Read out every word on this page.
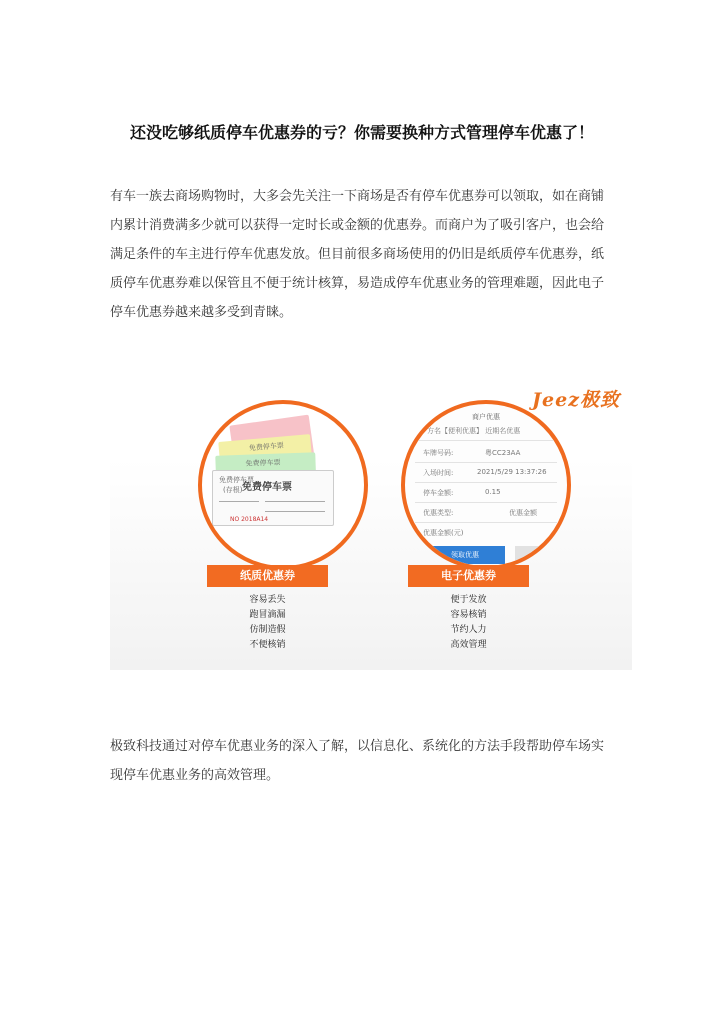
还没吃够纸质停车优惠券的亏？你需要换种方式管理停车优惠了！
有车一族去商场购物时，大多会先关注一下商场是否有停车优惠券可以领取，如在商铺内累计消费满多少就可以获得一定时长或金额的优惠券。而商户为了吸引客户，也会给满足条件的车主进行停车优惠发放。但目前很多商场使用的仍旧是纸质停车优惠券，纸质停车优惠券难以保管且不便于统计核算，易造成停车优惠业务的管理难题，因此电子停车优惠券越来越多受到青睐。
Jeez极致
免费停车票
免费停车票
免费停车票
(存根) 免费停车票
NO 2018A14
商户优惠
方名【便利优惠】 近期名优惠
车牌号码:	粤CC23AA
入场时间:	2021/5/29 13:37:26
停车金额:	0.15
优惠类型:	优惠金额
优惠金额(元)
领取优惠
纸质优惠券	电子优惠券
容易丢失
跑冒滴漏
仿制造假
不便核销
便于发放
容易核销
节约人力
高效管理
极致科技通过对停车优惠业务的深入了解，以信息化、系统化的方法手段帮助停车场实现停车优惠业务的高效管理。
